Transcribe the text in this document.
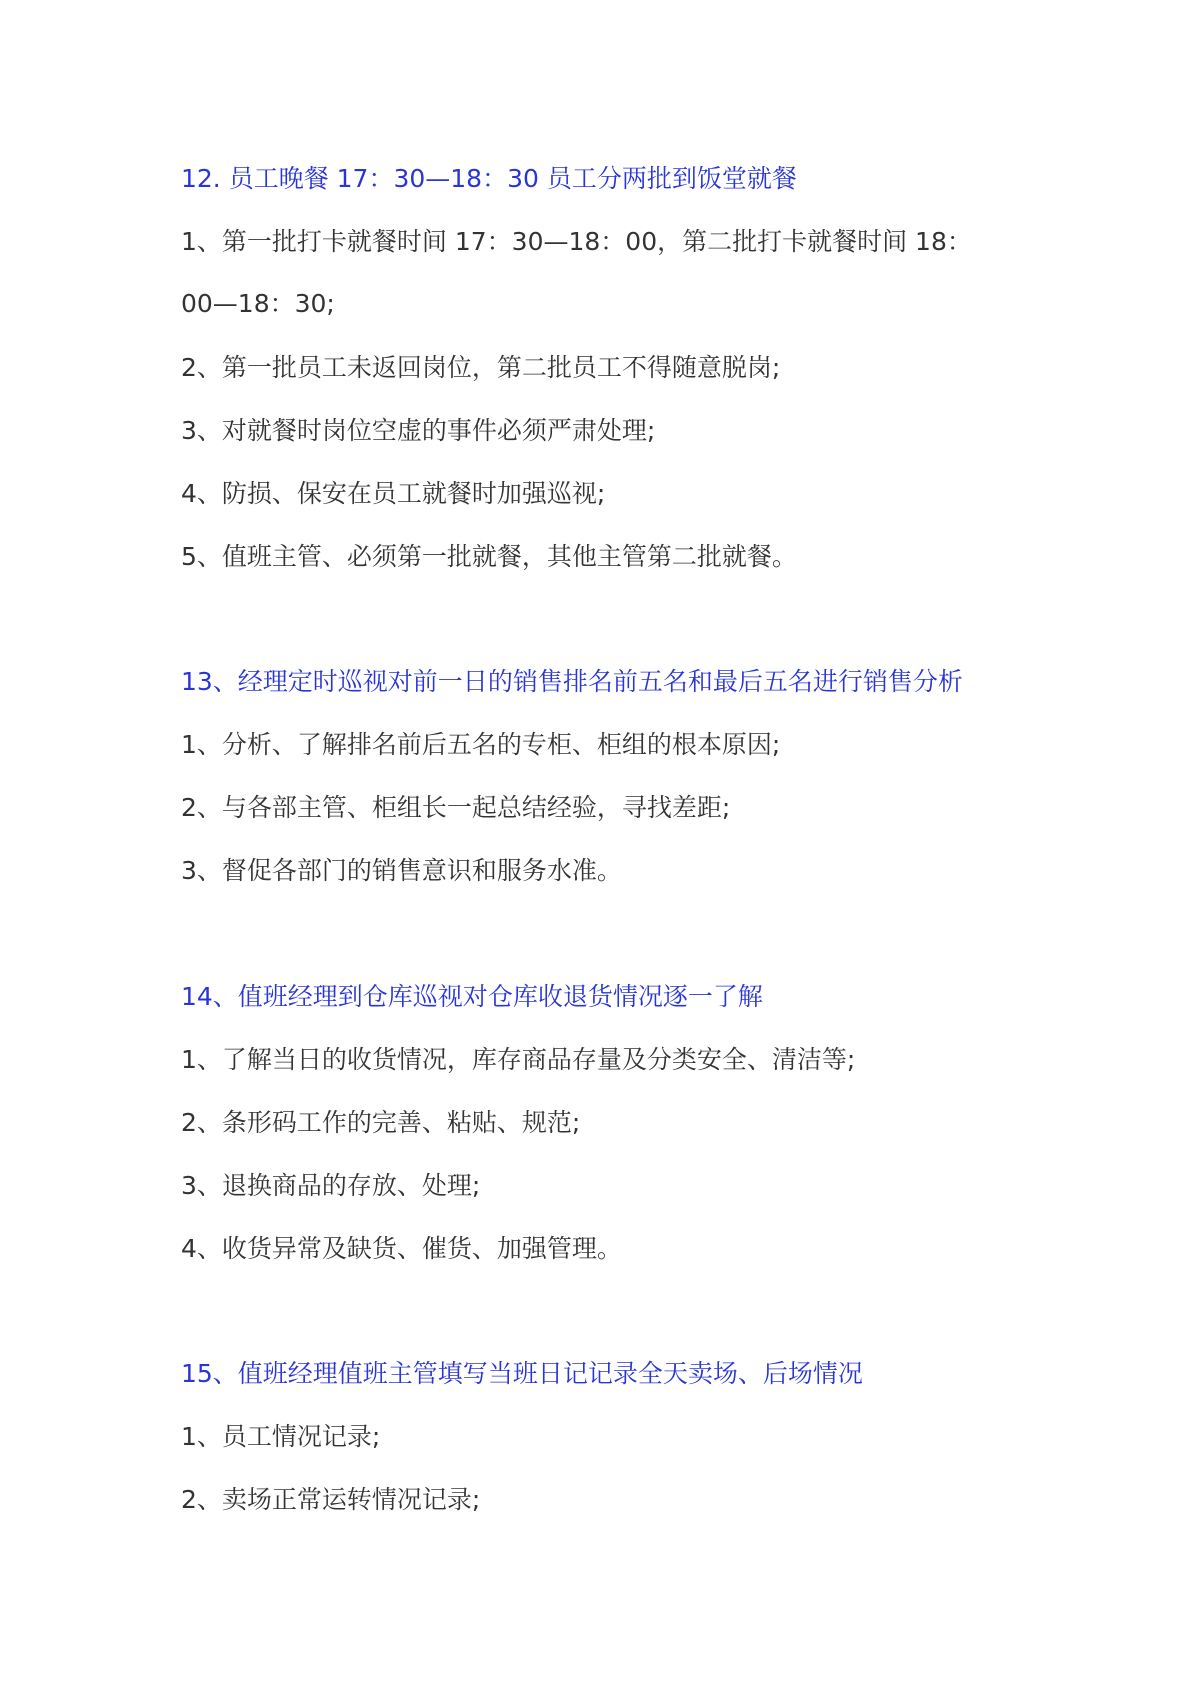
12. 员工晚餐 17：30—18：30 员工分两批到饭堂就餐
1、第一批打卡就餐时间 17：30—18：00，第二批打卡就餐时间 18：
00—18：30;
2、第一批员工未返回岗位，第二批员工不得随意脱岗;
3、对就餐时岗位空虚的事件必须严肃处理;
4、防损、保安在员工就餐时加强巡视;
5、值班主管、必须第一批就餐，其他主管第二批就餐。
13、经理定时巡视对前一日的销售排名前五名和最后五名进行销售分析
1、分析、了解排名前后五名的专柜、柜组的根本原因;
2、与各部主管、柜组长一起总结经验，寻找差距;
3、督促各部门的销售意识和服务水准。
14、值班经理到仓库巡视对仓库收退货情况逐一了解
1、了解当日的收货情况，库存商品存量及分类安全、清洁等;
2、条形码工作的完善、粘贴、规范;
3、退换商品的存放、处理;
4、收货异常及缺货、催货、加强管理。
15、值班经理值班主管填写当班日记记录全天卖场、后场情况
1、员工情况记录;
2、卖场正常运转情况记录;
